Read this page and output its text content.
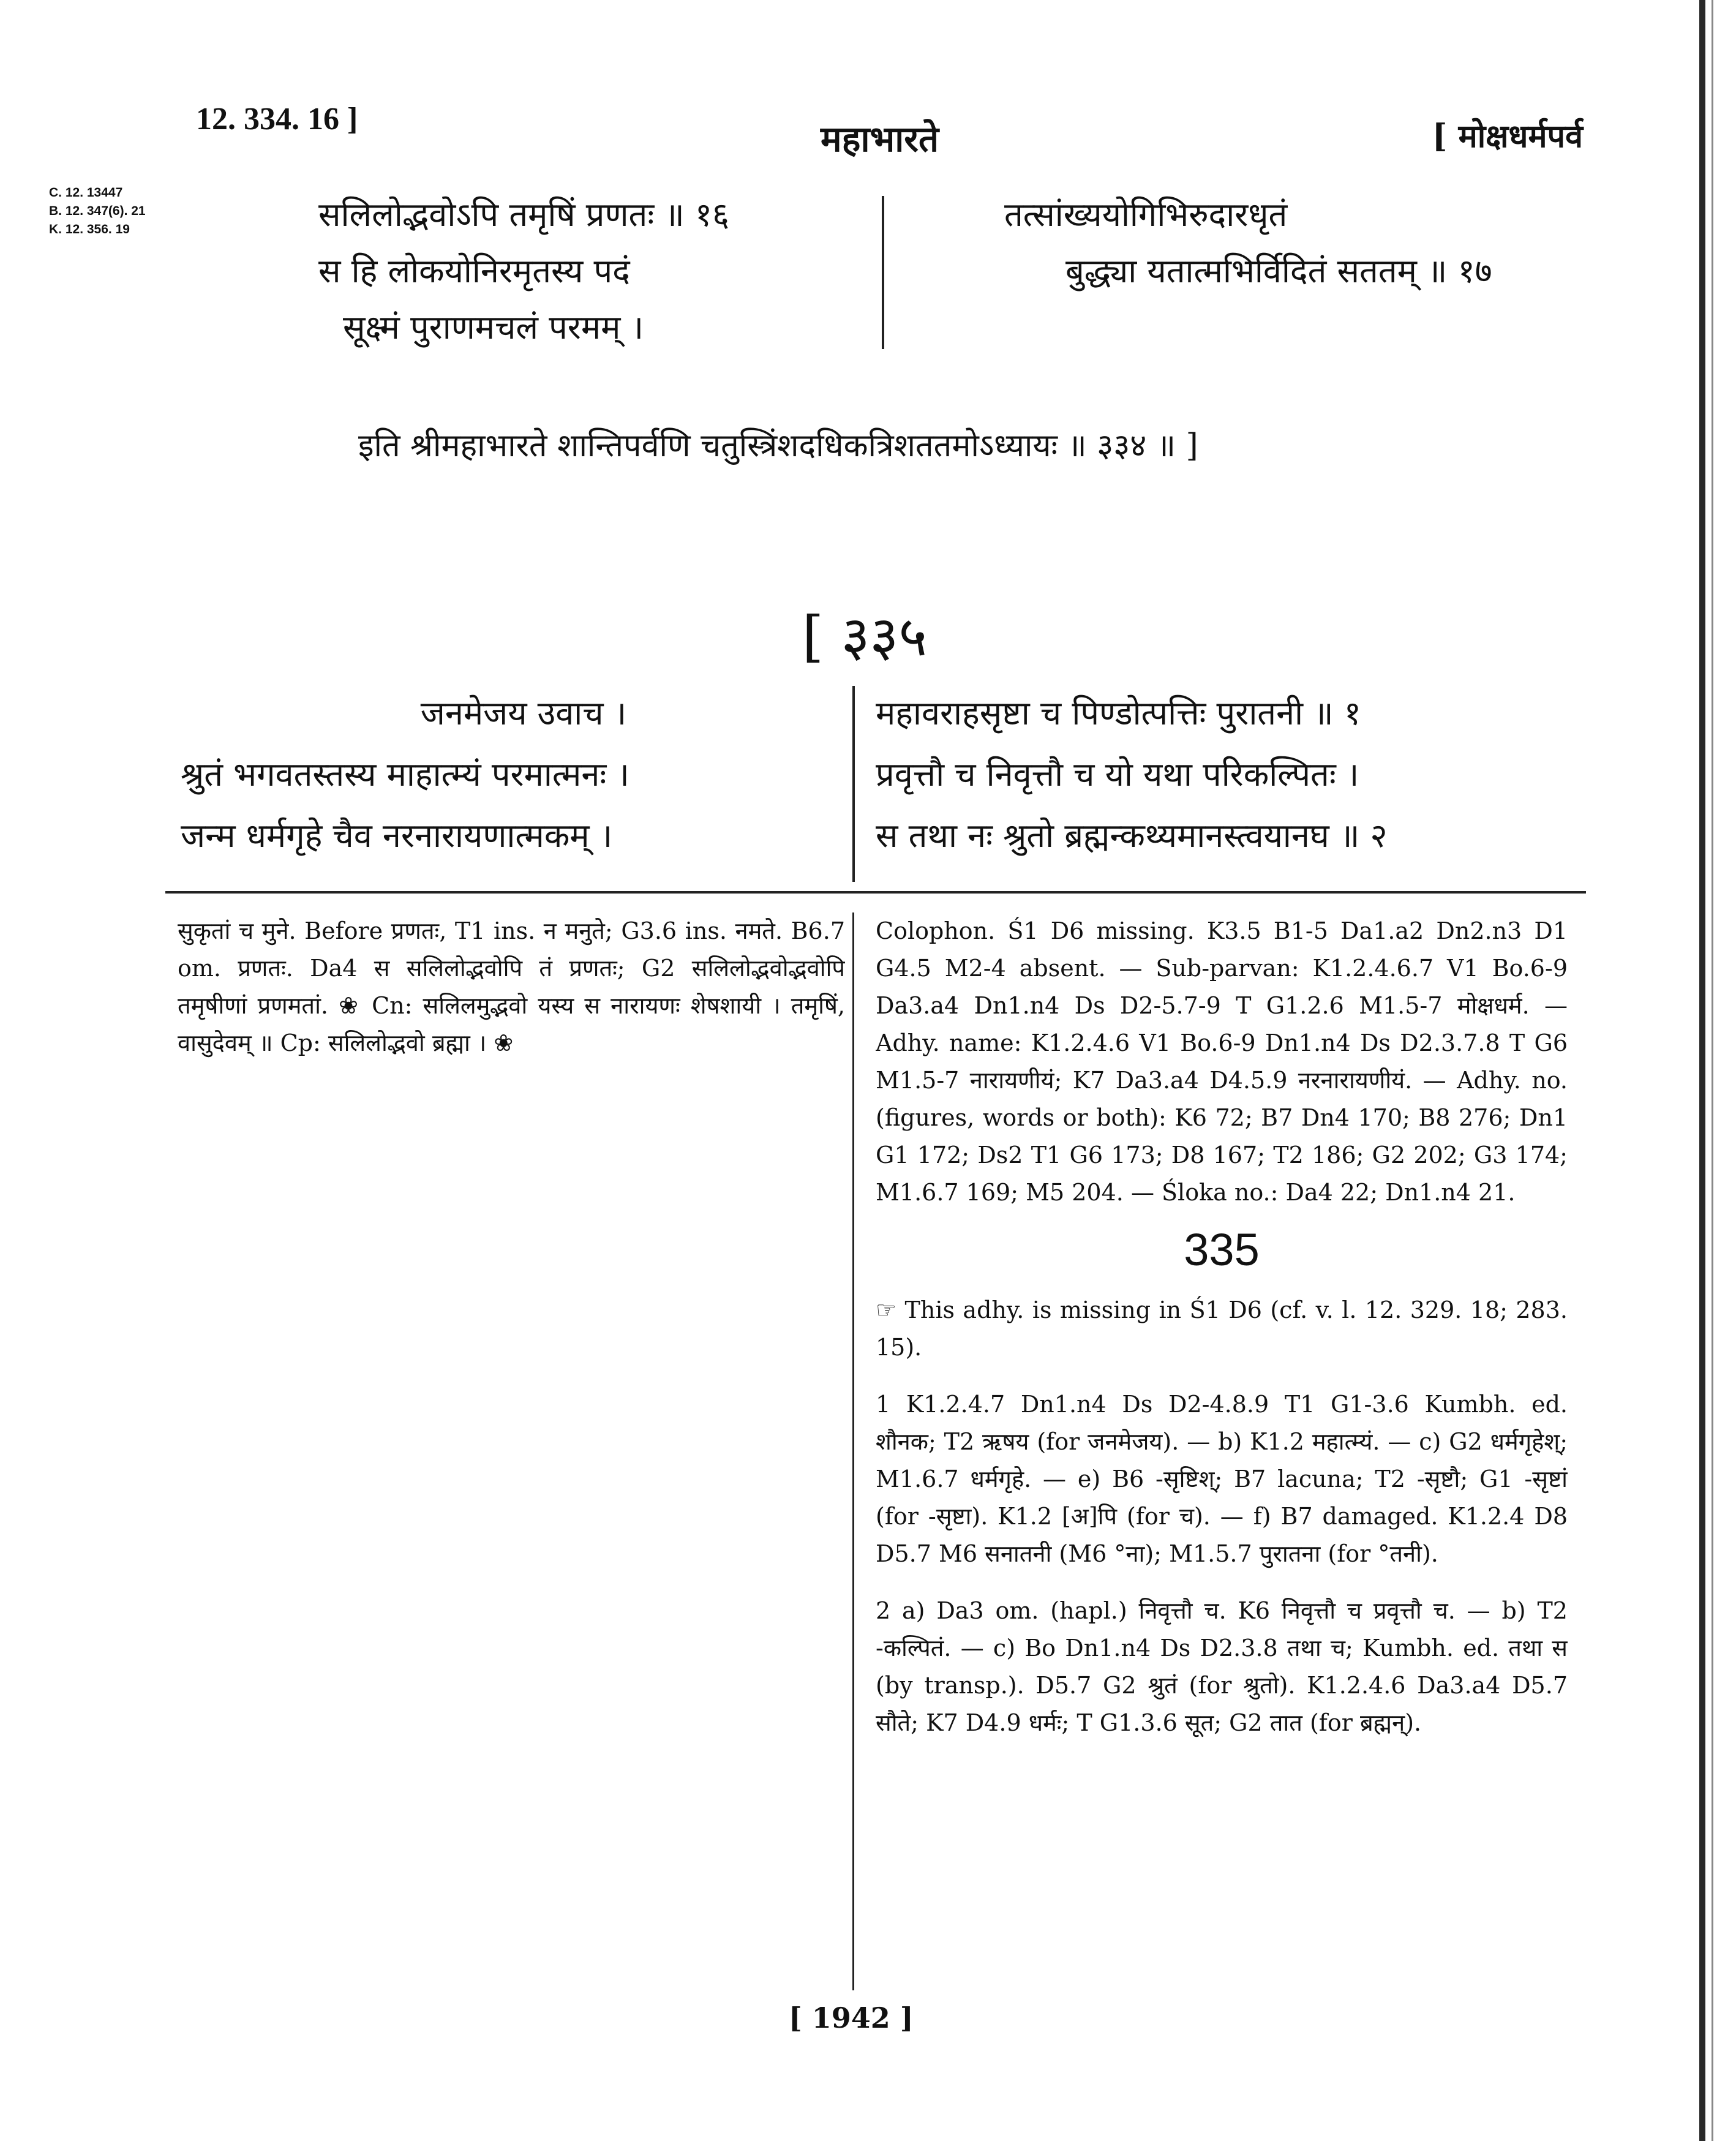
12. 334. 16 ]	महाभारते	[ मोक्षधर्मपर्व
C. 12. 13447
B. 12. 347(6). 21
K. 12. 356. 19	सलिलोद्भवोऽपि तमृषिं प्रणतः ॥ १६
स हि लोकयोनिरमृतस्य पदं
सूक्ष्मं पुराणमचलं परमम् ।
तत्सांख्ययोगिभिरुदारधृतं
बुद्ध्या यतात्मभिर्विदितं सततम् ॥ १७
इति श्रीमहाभारते शान्तिपर्वणि चतुस्त्रिंशदधिकत्रिशततमोऽध्यायः ॥ ३३४ ॥ ]
[ ३३५
जनमेजय उवाच ।
श्रुतं भगवतस्तस्य माहात्म्यं परमात्मनः ।
जन्म धर्मगृहे चैव नरनारायणात्मकम् ।
महावराहसृष्टा च पिण्डोत्पत्तिः पुरातनी ॥ १
प्रवृत्तौ च निवृत्तौ च यो यथा परिकल्पितः ।
स तथा नः श्रुतो ब्रह्मन्कथ्यमानस्त्वयानघ ॥ २

सुकृतां च मुने. Before प्रणतः, T1 ins. न मनुते; G3.6 ins. नमते. B6.7 om. प्रणतः. Da4 स सलिलोद्भवोपि तं प्रणतः; G2 सलिलोद्भवोद्भवोपि तमृषीणां प्रणमतां. ❀ Cn: सलिलमुद्भवो यस्य स नारायणः शेषशायी । तमृषिं, वासुदेवम् ॥ Cp: सलिलोद्भवो ब्रह्मा । ❀

Colophon. Ś1 D6 missing. K3.5 B1-5 Da1.a2 Dn2.n3 D1 G4.5 M2-4 absent. — Sub-parvan: K1.2.4.6.7 V1 Bo.6-9 Da3.a4 Dn1.n4 Ds D2-5.7-9 T G1.2.6 M1.5-7 मोक्षधर्म. — Adhy. name: K1.2.4.6 V1 Bo.6-9 Dn1.n4 Ds D2.3.7.8 T G6 M1.5-7 नारायणीयं; K7 Da3.a4 D4.5.9 नरनारायणीयं. — Adhy. no. (figures, words or both): K6 72; B7 Dn4 170; B8 276; Dn1 G1 172; Ds2 T1 G6 173; D8 167; T2 186; G2 202; G3 174; M1.6.7 169; M5 204. — Śloka no.: Da4 22; Dn1.n4 21.

335

☞ This adhy. is missing in Ś1 D6 (cf. v. l. 12. 329. 18; 283. 15).

1 K1.2.4.7 Dn1.n4 Ds D2-4.8.9 T1 G1-3.6 Kumbh. ed. शौनक; T2 ऋषय (for जनमेजय). — b) K1.2 महात्म्यं. — c) G2 धर्मगृहेश्; M1.6.7 धर्मगृहे. — e) B6 -सृष्टिश्; B7 lacuna; T2 -सृष्टौ; G1 -सृष्टां (for -सृष्टा). K1.2 [अ]पि (for च). — f) B7 damaged. K1.2.4 D8 D5.7 M6 सनातनी (M6 °ना); M1.5.7 पुरातना (for °तनी).

2 a) Da3 om. (hapl.) निवृत्तौ च. K6 निवृत्तौ च प्रवृत्तौ च. — b) T2 -कल्पितं. — c) Bo Dn1.n4 Ds D2.3.8 तथा च; Kumbh. ed. तथा स (by transp.). D5.7 G2 श्रुतं (for श्रुतो). K1.2.4.6 Da3.a4 D5.7 सौते; K7 D4.9 धर्मः; T G1.3.6 सूत; G2 तात (for ब्रह्मन्).

[ 1942 ]
